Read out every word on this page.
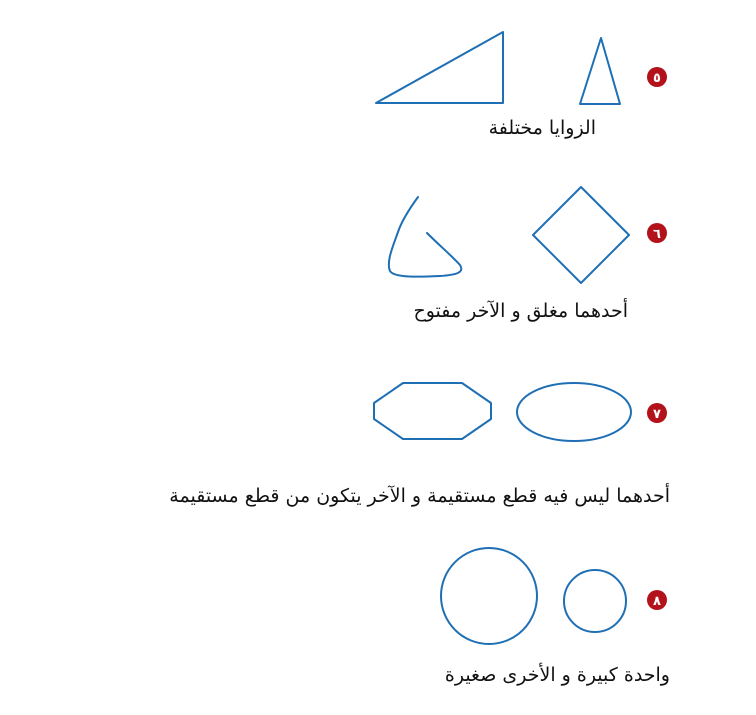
٥
٦
٧
٨
الزوايا مختلفة
أحدهما مغلق و الآخر مفتوح
أحدهما ليس فيه قطع مستقيمة و الآخر يتكون من قطع مستقيمة
واحدة كبيرة و الأخرى صغيرة
